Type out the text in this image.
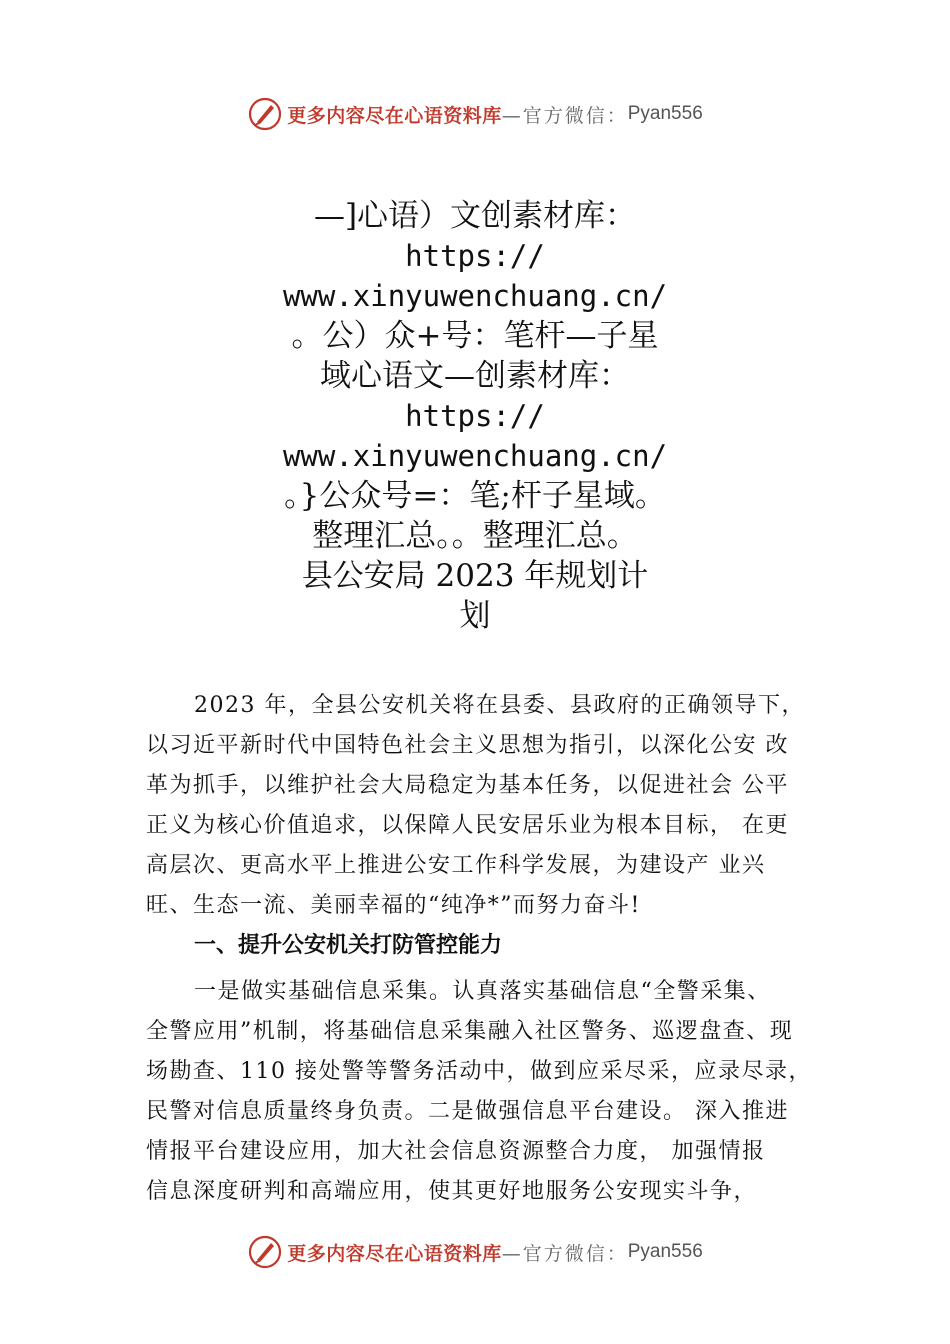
更多内容尽在心语资料库 —官方微信： Pyan556
—]心语）文创素材库：
https://
www.xinyuwenchuang.cn/
。公）众+号：笔杆—子星
域心语文—创素材库：
https://
www.xinyuwenchuang.cn/
。}公众号=：笔;杆子星域。
整理汇总。。整理汇总。
县公安局 2023 年规划计
划

2023 年，全县公安机关将在县委、县政府的正确领导下，

以习近平新时代中国特色社会主义思想为指引，以深化公安 改

革为抓手，以维护社会大局稳定为基本任务，以促进社会 公平

正义为核心价值追求，以保障人民安居乐业为根本目标， 在更

高层次、更高水平上推进公安工作科学发展，为建设产 业兴

旺、生态一流、美丽幸福的“纯净*”而努力奋斗!

一、提升公安机关打防管控能力

一是做实基础信息采集。认真落实基础信息“全警采集、

全警应用”机制，将基础信息采集融入社区警务、巡逻盘查、现

场勘查、110 接处警等警务活动中，做到应采尽采，应录尽录，

民警对信息质量终身负责。二是做强信息平台建设。 深入推进

情报平台建设应用，加大社会信息资源整合力度， 加强情报

信息深度研判和高端应用，使其更好地服务公安现实斗争，

更多内容尽在心语资料库 —官方微信： Pyan556
